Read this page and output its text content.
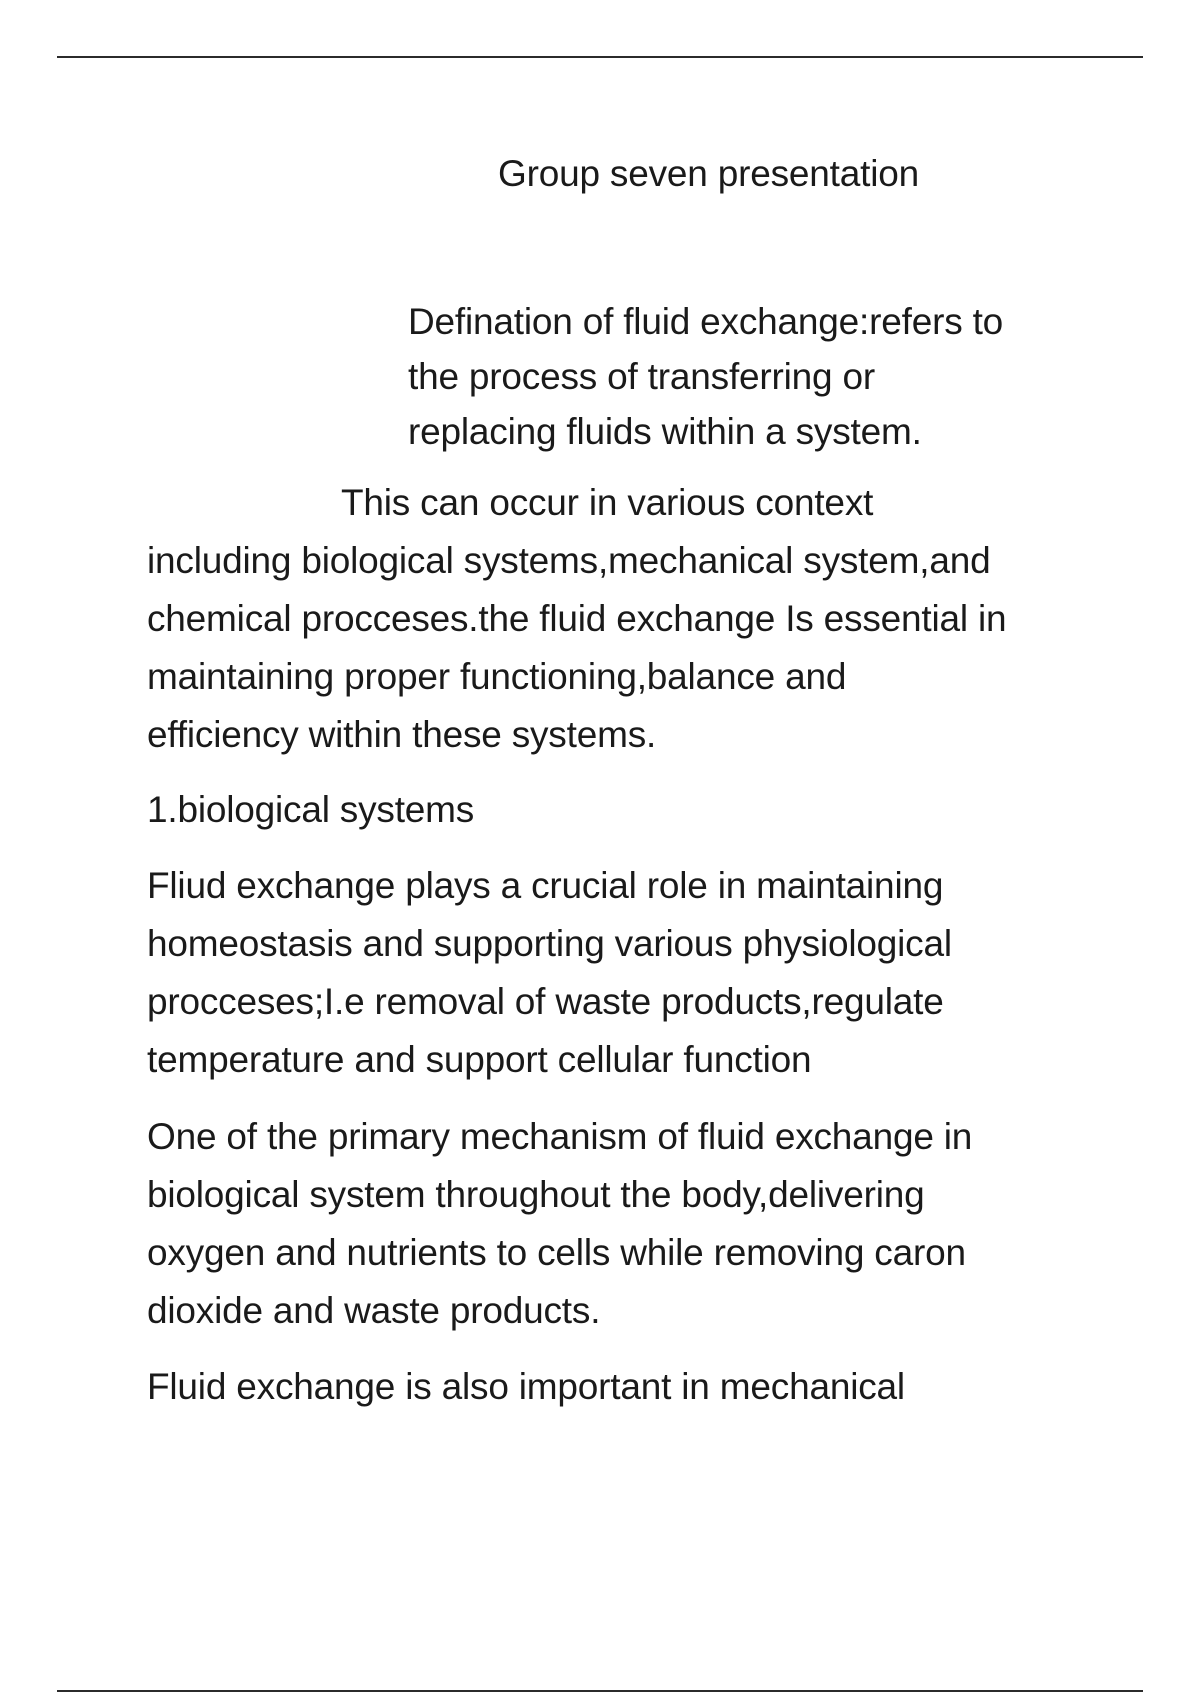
Group seven presentation

Defination of fluid exchange:refers to
the process of transferring or
replacing fluids within a system.

This can occur in various context
including biological systems,mechanical system,and
chemical procceses.the fluid exchange Is essential in
maintaining proper functioning,balance and
efficiency within these systems.

1.biological systems

Fliud exchange plays a crucial role in maintaining
homeostasis and supporting various physiological
procceses;I.e removal of waste products,regulate
temperature and support cellular function

One of the primary mechanism of fluid exchange in
biological system throughout the body,delivering
oxygen and nutrients to cells while removing caron
dioxide and waste products.

Fluid exchange is also important in mechanical
